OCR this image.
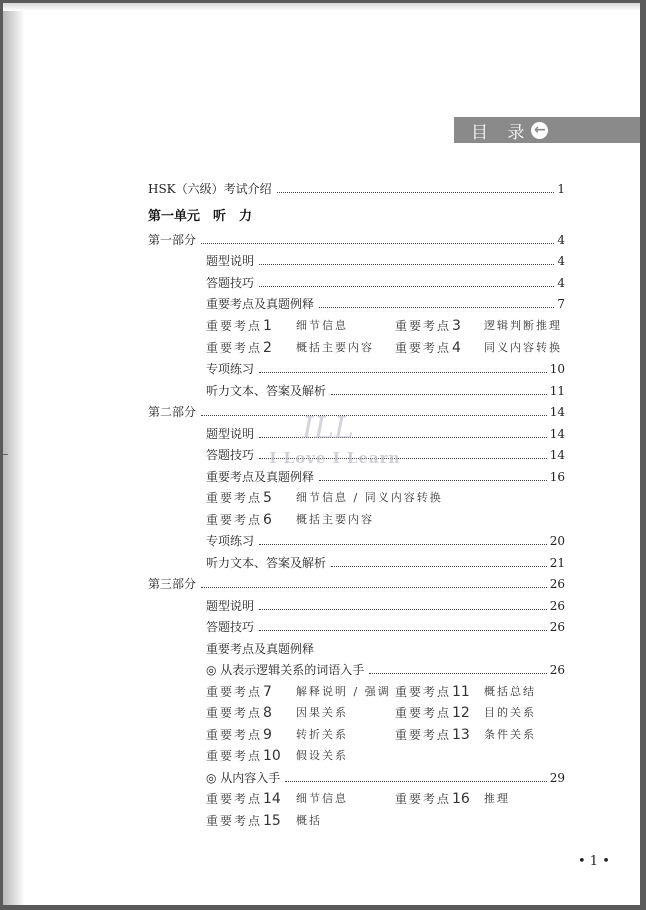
目 录 ←
HSK（六级）考试介绍	1
第一单元　听　力
第一部分	4
题型说明	4
答题技巧	4
重要考点及真题例释	7
重要考点1 细节信息	重要考点3 逻辑判断推理
重要考点2 概括主要内容 重要考点4 同义内容转换
专项练习	10
听力文本、答案及解析	11
第二部分	14
题型说明	14
答题技巧	14
重要考点及真题例释	16
重要考点5 细节信息 / 同义内容转换
重要考点6 概括主要内容
专项练习	20
听力文本、答案及解析	21
第三部分	26
题型说明	26
答题技巧	26
重要考点及真题例释
◎ 从表示逻辑关系的词语入手	26
重要考点7 解释说明 / 强调 重要考点11 概括总结
重要考点8 因果关系	重要考点12 目的关系
重要考点9 转折关系	重要考点13 条件关系
重要考点10 假设关系
◎ 从内容入手	29
重要考点14 细节信息	重要考点16 推理
重要考点15 概括
ILL
I Love I Learn
• 1 •
